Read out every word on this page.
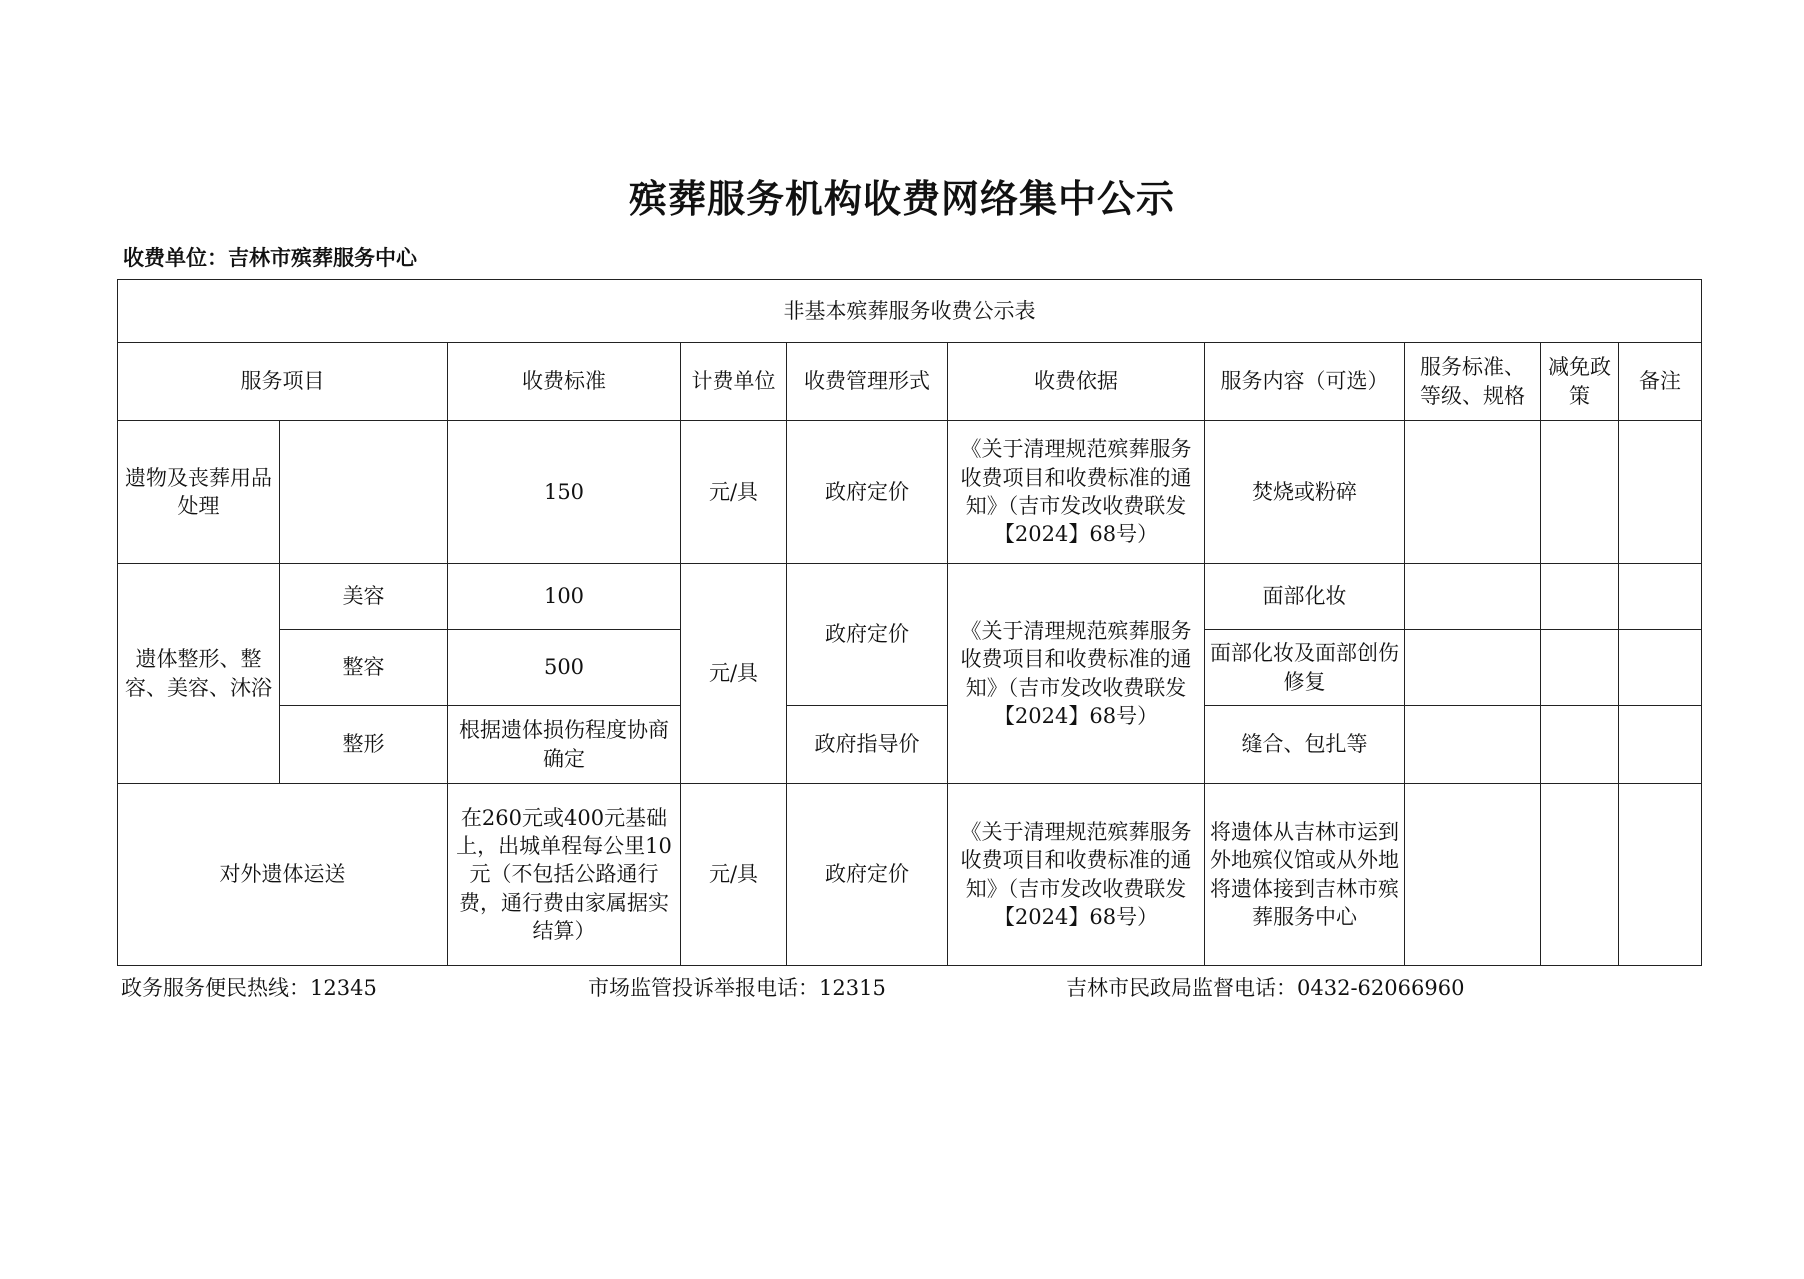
殡葬服务机构收费网络集中公示
收费单位：吉林市殡葬服务中心
非基本殡葬服务收费公示表									
服务项目		收费标准	计费单位	收费管理形式	收费依据	服务内容（可选）	服务标准、等级、规格	减免政策	备注
遗物及丧葬用品处理		150	元/具	政府定价	《关于清理规范殡葬服务收费项目和收费标准的通知》（吉市发改收费联发【2024】68号）	焚烧或粉碎			
遗体整形、整容、美容、沐浴	美容	100	元/具	政府定价	《关于清理规范殡葬服务收费项目和收费标准的通知》（吉市发改收费联发【2024】68号）	面部化妆			
	整容	500				面部化妆及面部创伤修复			
	整形	根据遗体损伤程度协商确定		政府指导价		缝合、包扎等			
对外遗体运送		在260元或400元基础上，出城单程每公里10元（不包括公路通行费，通行费由家属据实结算）	元/具	政府定价	《关于清理规范殡葬服务收费项目和收费标准的通知》（吉市发改收费联发【2024】68号）	将遗体从吉林市运到外地殡仪馆或从外地将遗体接到吉林市殡葬服务中心			
政务服务便民热线：12345	市场监管投诉举报电话：12315	吉林市民政局监督电话：0432-62066960
